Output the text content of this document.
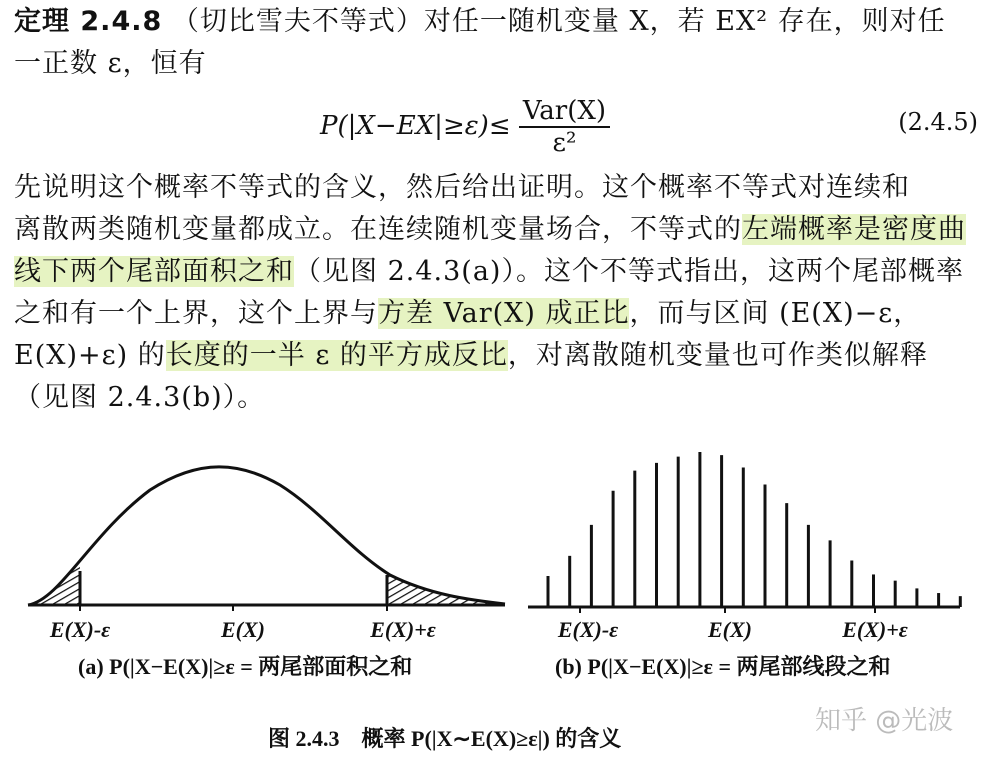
定理 2.4.8 （切比雪夫不等式）对任一随机变量 X，若 EX² 存在，则对任
一正数 ε，恒有
$P(|X-EX|\ge\varepsilon)\le \frac{\text{Var(X)}}{\text{ε²}}$	(2.4.5)
先说明这个概率不等式的含义，然后给出证明。这个概率不等式对连续和
离散两类随机变量都成立。在连续随机变量场合，不等式的左端概率是密度曲
线下两个尾部面积之和（见图 2.4.3(a)）。这个不等式指出，这两个尾部概率
之和有一个上界，这个上界与方差 Var(X) 成正比，而与区间 (E(X)−ε，
E(X)+ε) 的长度的一半 ε 的平方成反比，对离散随机变量也可作类似解释
（见图 2.4.3(b)）。
E(X)-ε	E(X)	E(X)+ε	E(X)-ε	E(X)	E(X)+ε
(a) P(|X−E(X)|≥ε = 两尾部面积之和	(b) P(|X−E(X)|≥ε = 两尾部线段之和
图 2.4.3　概率 P(|X∼E(X)≥ε|) 的含义
知乎 @光波
